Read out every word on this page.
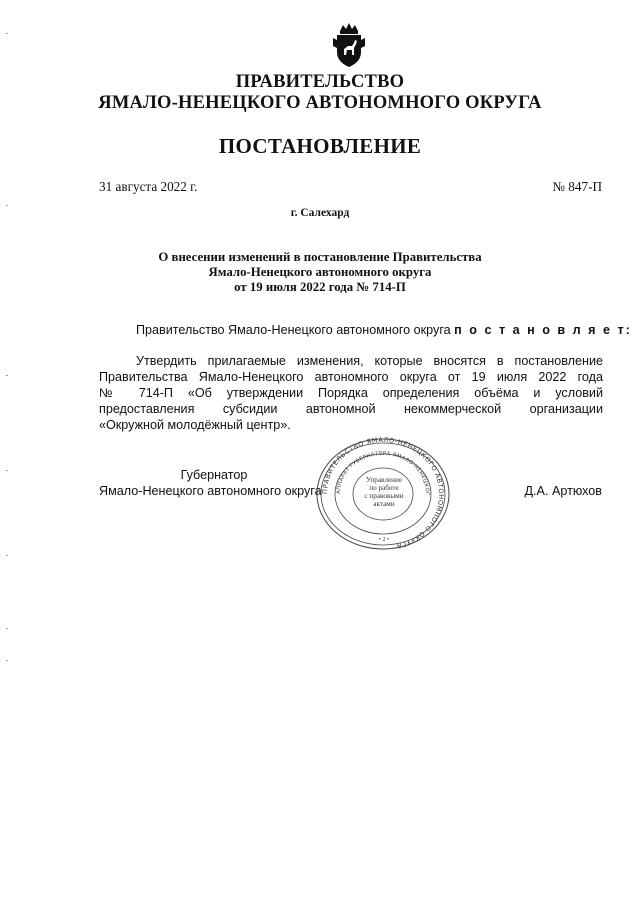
ПРАВИТЕЛЬСТВО
ЯМАЛО-НЕНЕЦКОГО АВТОНОМНОГО ОКРУГА
ПОСТАНОВЛЕНИЕ
31 августа 2022 г.	№ 847-П
г. Салехард
О внесении изменений в постановление Правительства
Ямало-Ненецкого автономного округа
от 19 июля 2022 года № 714-П
Правительство Ямало-Ненецкого автономного округа п о с т а н о в л я е т:
Утвердить прилагаемые изменения, которые вносятся в постановление
Правительства Ямало-Ненецкого автономного округа от 19 июля 2022 года
№ 714-П «Об утверждении Порядка определения объёма и условий
предоставления субсидии автономной некоммерческой организации
«Окружной молодёжный центр».
Губернатор
Ямало-Ненецкого автономного округа	Д.А. Артюхов
ПРАВИТЕЛЬСТВО ЯМАЛО-НЕНЕЦКОГО АВТОНОМНОГО ОКРУГА
АППАРАТ ГУБЕРНАТОРА ЯМАЛО-НЕНЕЦКОГ
Управление
по работе
с правовыми
актами
• 2 •
